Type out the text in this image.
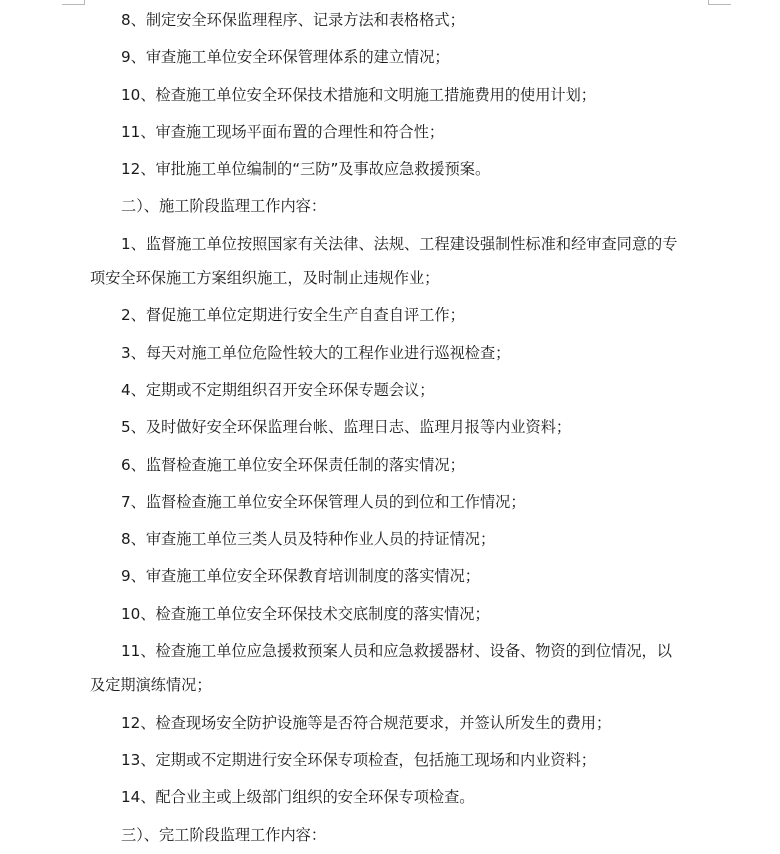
8、制定安全环保监理程序、记录方法和表格格式；

9、审查施工单位安全环保管理体系的建立情况；

10、检查施工单位安全环保技术措施和文明施工措施费用的使用计划；

11、审查施工现场平面布置的合理性和符合性；

12、审批施工单位编制的“三防”及事故应急救援预案。

二）、施工阶段监理工作内容：

1、监督施工单位按照国家有关法律、法规、工程建设强制性标准和经审查同意的专

项安全环保施工方案组织施工，及时制止违规作业；

2、督促施工单位定期进行安全生产自查自评工作；

3、每天对施工单位危险性较大的工程作业进行巡视检查；

4、定期或不定期组织召开安全环保专题会议；

5、及时做好安全环保监理台帐、监理日志、监理月报等内业资料；

6、监督检查施工单位安全环保责任制的落实情况；

7、监督检查施工单位安全环保管理人员的到位和工作情况；

8、审查施工单位三类人员及特种作业人员的持证情况；

9、审查施工单位安全环保教育培训制度的落实情况；

10、检查施工单位安全环保技术交底制度的落实情况；

11、检查施工单位应急援救预案人员和应急救援器材、设备、物资的到位情况，以

及定期演练情况；

12、检查现场安全防护设施等是否符合规范要求，并签认所发生的费用；

13、定期或不定期进行安全环保专项检查，包括施工现场和内业资料；

14、配合业主或上级部门组织的安全环保专项检查。

三）、完工阶段监理工作内容：
